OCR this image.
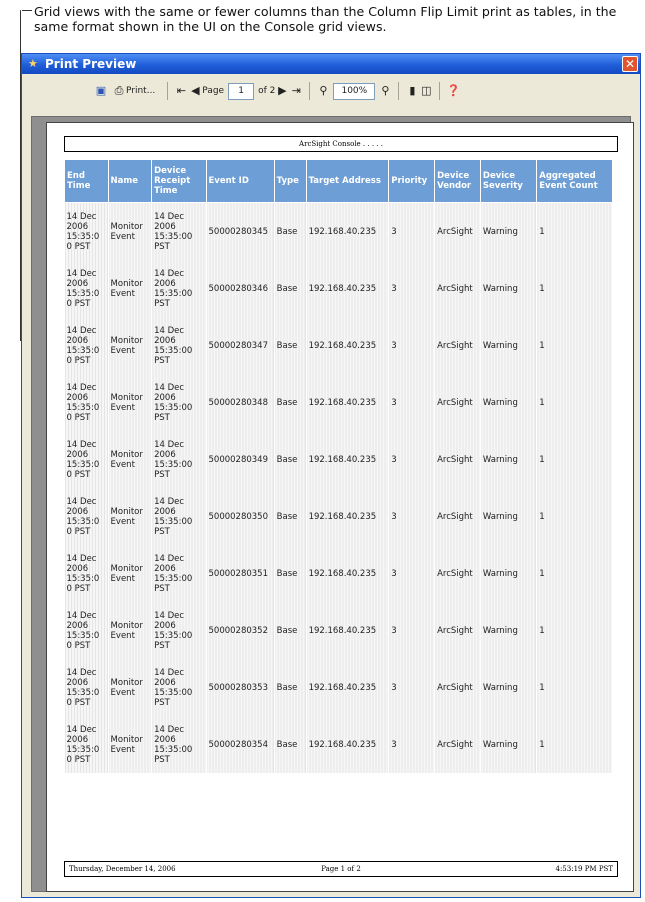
Grid views with the same or fewer columns than the Column Flip Limit print as tables, in the same format shown in the UI on the Console grid views.
★ Print Preview	✕
▣ ⎙ Print... ⇤ ◀ Page	1	of 2 ▶ ⇥ ⚲	100%	⚲	▮ ◫ ❓
ArcSight Console . . . . .
End Time	Name	Device Receipt Time	Event ID	Type	Target Address	Priority	Device Vendor	Device Severity	Aggregated Event Count
14 Dec 2006 15:35:0 0 PST	Monitor Event	14 Dec 2006 15:35:00 PST	50000280345	Base	192.168.40.235	3	ArcSight	Warning	1
14 Dec 2006 15:35:0 0 PST	Monitor Event	14 Dec 2006 15:35:00 PST	50000280346	Base	192.168.40.235	3	ArcSight	Warning	1
14 Dec 2006 15:35:0 0 PST	Monitor Event	14 Dec 2006 15:35:00 PST	50000280347	Base	192.168.40.235	3	ArcSight	Warning	1
14 Dec 2006 15:35:0 0 PST	Monitor Event	14 Dec 2006 15:35:00 PST	50000280348	Base	192.168.40.235	3	ArcSight	Warning	1
14 Dec 2006 15:35:0 0 PST	Monitor Event	14 Dec 2006 15:35:00 PST	50000280349	Base	192.168.40.235	3	ArcSight	Warning	1
14 Dec 2006 15:35:0 0 PST	Monitor Event	14 Dec 2006 15:35:00 PST	50000280350	Base	192.168.40.235	3	ArcSight	Warning	1
14 Dec 2006 15:35:0 0 PST	Monitor Event	14 Dec 2006 15:35:00 PST	50000280351	Base	192.168.40.235	3	ArcSight	Warning	1
14 Dec 2006 15:35:0 0 PST	Monitor Event	14 Dec 2006 15:35:00 PST	50000280352	Base	192.168.40.235	3	ArcSight	Warning	1
14 Dec 2006 15:35:0 0 PST	Monitor Event	14 Dec 2006 15:35:00 PST	50000280353	Base	192.168.40.235	3	ArcSight	Warning	1
14 Dec 2006 15:35:0 0 PST	Monitor Event	14 Dec 2006 15:35:00 PST	50000280354	Base	192.168.40.235	3	ArcSight	Warning	1
Thursday, December 14, 2006	Page 1 of 2	4:53:19 PM PST
